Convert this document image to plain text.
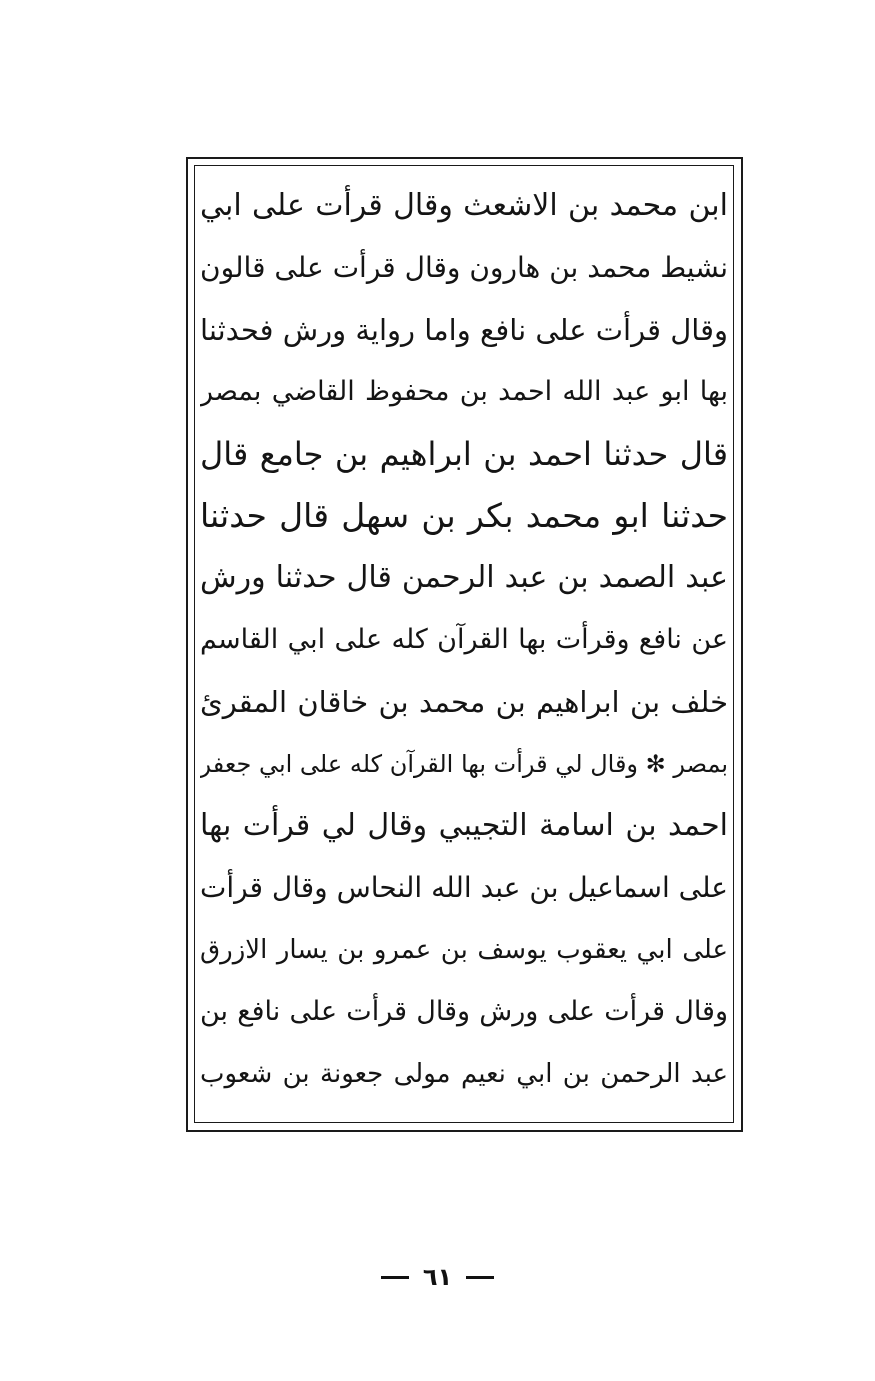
ابن محمد بن الاشعث وقال قرأت على ابي
نشيط محمد بن هارون وقال قرأت على قالون
وقال قرأت على نافع واما رواية ورش فحدثنا
بها ابو عبد الله احمد بن محفوظ القاضي بمصر
قال حدثنا احمد بن ابراهيم بن جامع قال
حدثنا ابو محمد بكر بن سهل قال حدثنا
عبد الصمد بن عبد الرحمن قال حدثنا ورش
عن نافع وقرأت بها القرآن كله على ابي القاسم
خلف بن ابراهيم بن محمد بن خاقان المقرئ
بمصر ✻ وقال لي قرأت بها القرآن كله على ابي جعفر
احمد بن اسامة التجيبي وقال لي قرأت بها
على اسماعيل بن عبد الله النحاس وقال قرأت
على ابي يعقوب يوسف بن عمرو بن يسار الازرق
وقال قرأت على ورش وقال قرأت على نافع بن
عبد الرحمن بن ابي نعيم مولى جعونة بن شعوب
٦١
